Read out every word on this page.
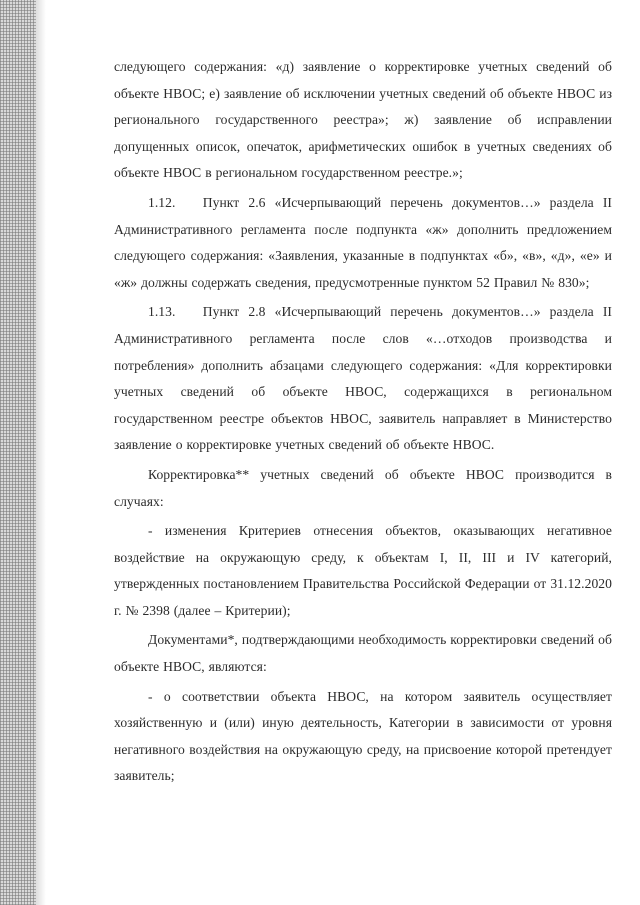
следующего содержания: «д) заявление о корректировке учетных сведений об объекте НВОС; е) заявление об исключении учетных сведений об объекте НВОС из регионального государственного реестра»; ж) заявление об исправлении допущенных описок, опечаток, арифметических ошибок в учетных сведениях об объекте НВОС в региональном государственном реестре.»;

1.12.   Пункт 2.6 «Исчерпывающий перечень документов…» раздела II Административного регламента после подпункта «ж» дополнить предложением следующего содержания: «Заявления, указанные в подпунктах «б», «в», «д», «е» и «ж» должны содержать сведения, предусмотренные пунктом 52 Правил № 830»;

1.13.   Пункт 2.8 «Исчерпывающий перечень документов…» раздела II Административного регламента после слов «…отходов производства и потребления» дополнить абзацами следующего содержания: «Для корректировки учетных сведений об объекте НВОС, содержащихся в региональном государственном реестре объектов НВОС, заявитель направляет в Министерство заявление о корректировке учетных сведений об объекте НВОС.

Корректировка** учетных сведений об объекте НВОС производится в случаях:

- изменения Критериев отнесения объектов, оказывающих негативное воздействие на окружающую среду, к объектам I, II, III и IV категорий, утвержденных постановлением Правительства Российской Федерации от 31.12.2020 г. № 2398 (далее – Критерии);

Документами*, подтверждающими необходимость корректировки сведений об объекте НВОС, являются:

- о соответствии объекта НВОС, на котором заявитель осуществляет хозяйственную и (или) иную деятельность, Категории в зависимости от уровня негативного воздействия на окружающую среду, на присвоение которой претендует заявитель;
